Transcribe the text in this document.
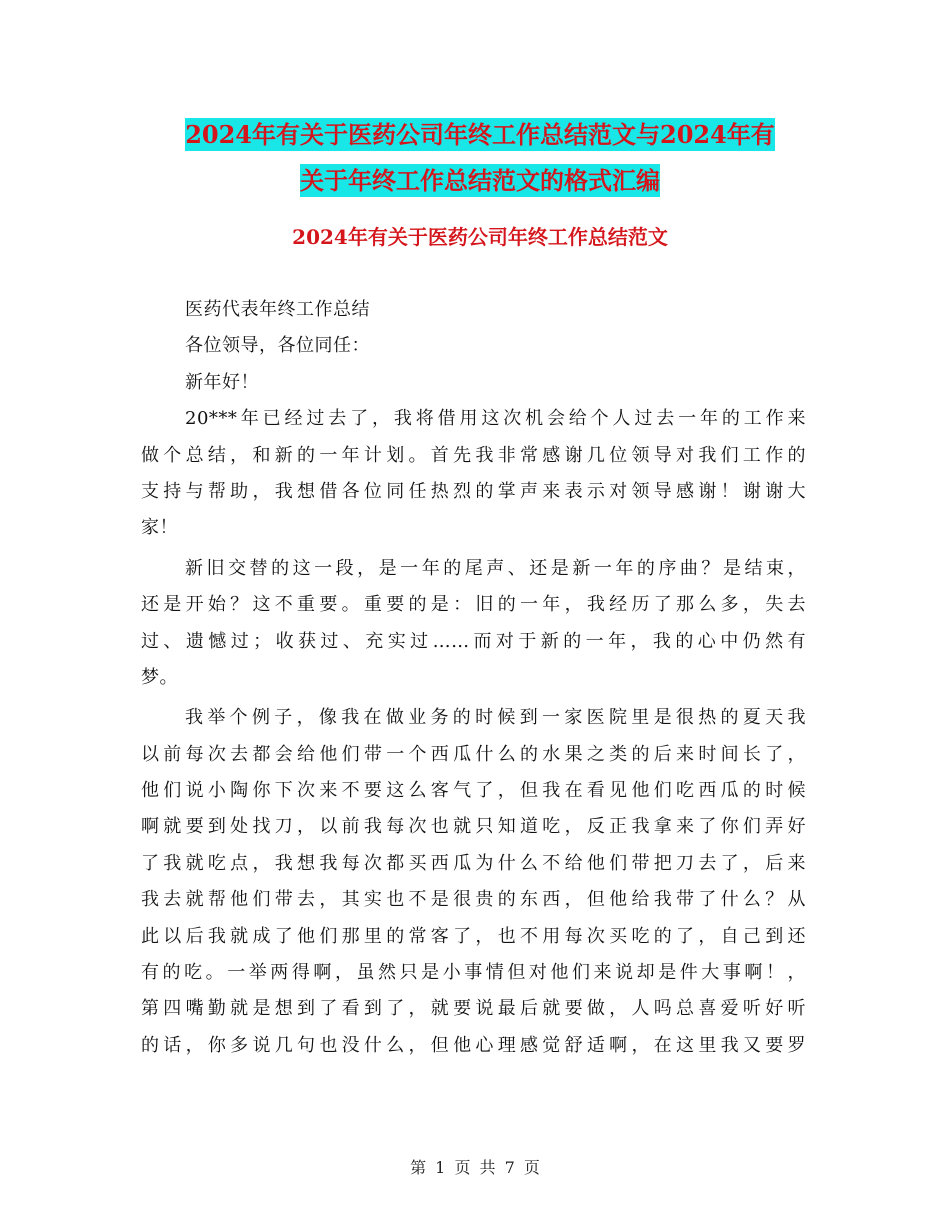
2024年有关于医药公司年终工作总结范文与2024年有
关于年终工作总结范文的格式汇编
2024年有关于医药公司年终工作总结范文
医药代表年终工作总结
各位领导，各位同任：
新年好！
20***年已经过去了，我将借用这次机会给个人过去一年的工作来
做个总结，和新的一年计划。首先我非常感谢几位领导对我们工作的
支持与帮助，我想借各位同任热烈的掌声来表示对领导感谢！谢谢大
家！
新旧交替的这一段，是一年的尾声、还是新一年的序曲？是结束，
还是开始？这不重要。重要的是：旧的一年，我经历了那么多，失去
过、遗憾过；收获过、充实过……而对于新的一年，我的心中仍然有
梦。
我举个例子，像我在做业务的时候到一家医院里是很热的夏天我
以前每次去都会给他们带一个西瓜什么的水果之类的后来时间长了，
他们说小陶你下次来不要这么客气了，但我在看见他们吃西瓜的时候
啊就要到处找刀，以前我每次也就只知道吃，反正我拿来了你们弄好
了我就吃点，我想我每次都买西瓜为什么不给他们带把刀去了，后来
我去就帮他们带去，其实也不是很贵的东西，但他给我带了什么？从
此以后我就成了他们那里的常客了，也不用每次买吃的了，自己到还
有的吃。一举两得啊，虽然只是小事情但对他们来说却是件大事啊！，
第四嘴勤就是想到了看到了，就要说最后就要做，人吗总喜爱听好听
的话，你多说几句也没什么，但他心理感觉舒适啊，在这里我又要罗
第 1 页 共 7 页
